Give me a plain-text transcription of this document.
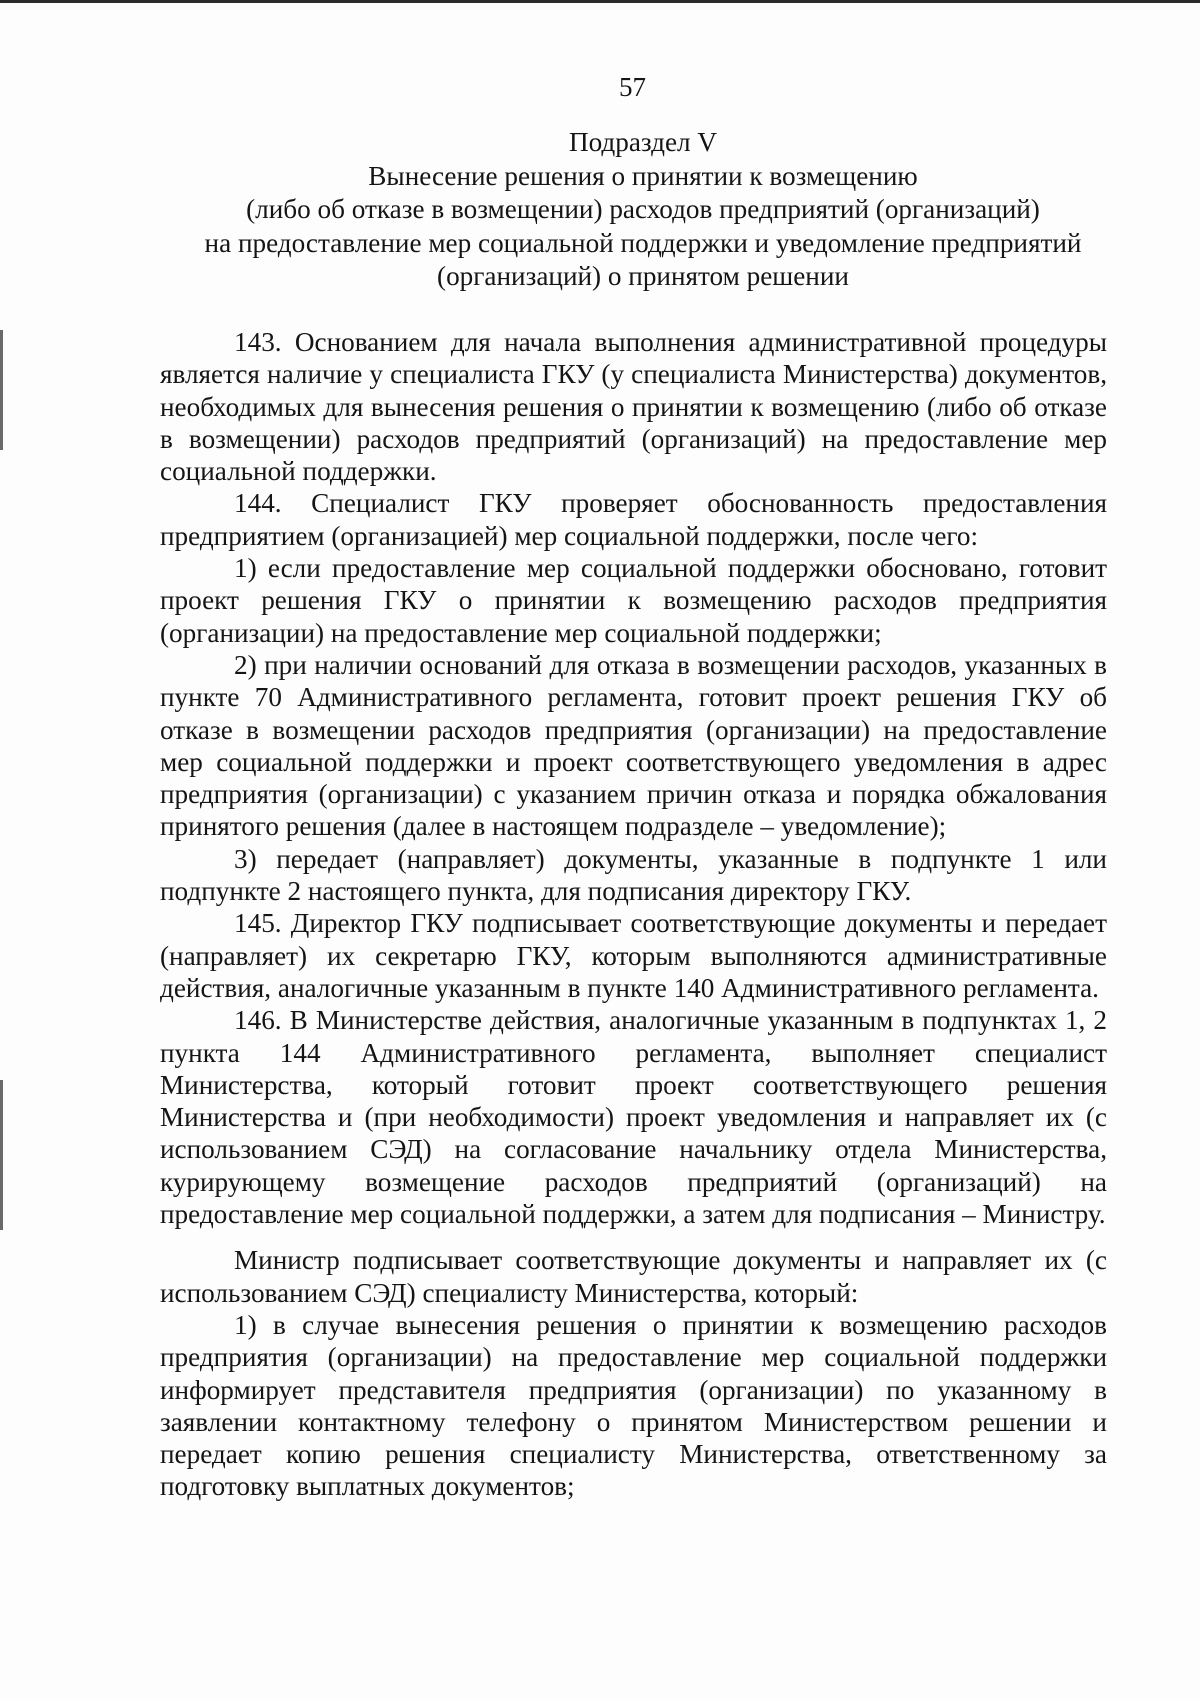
57
Подраздел V
Вынесение решения о принятии к возмещению
(либо об отказе в возмещении) расходов предприятий (организаций)
на предоставление мер социальной поддержки и уведомление предприятий
(организаций) о принятом решении

143. Основанием для начала выполнения административной процедуры является наличие у специалиста ГКУ (у специалиста Министерства) документов, необходимых для вынесения решения о принятии к возмещению (либо об отказе в возмещении) расходов предприятий (организаций) на предоставление мер социальной поддержки.

144. Специалист ГКУ проверяет обоснованность предоставления предприятием (организацией) мер социальной поддержки, после чего:

1) если предоставление мер социальной поддержки обосновано, готовит проект решения ГКУ о принятии к возмещению расходов предприятия (организации) на предоставление мер социальной поддержки;

2) при наличии оснований для отказа в возмещении расходов, указанных в пункте 70 Административного регламента, готовит проект решения ГКУ об отказе в возмещении расходов предприятия (организации) на предоставление мер социальной поддержки и проект соответствующего уведомления в адрес предприятия (организации) с указанием причин отказа и порядка обжалования принятого решения (далее в настоящем подразделе – уведомление);

3) передает (направляет) документы, указанные в подпункте 1 или подпункте 2 настоящего пункта, для подписания директору ГКУ.

145. Директор ГКУ подписывает соответствующие документы и передает (направляет) их секретарю ГКУ, которым выполняются административные действия, аналогичные указанным в пункте 140 Административного регламента.

146. В Министерстве действия, аналогичные указанным в подпунктах 1, 2 пункта 144 Административного регламента, выполняет специалист Министерства, который готовит проект соответствующего решения Министерства и (при необходимости) проект уведомления и направляет их (с использованием СЭД) на согласование начальнику отдела Министерства, курирующему возмещение расходов предприятий (организаций) на предоставление мер социальной поддержки, а затем для подписания – Министру.

Министр подписывает соответствующие документы и направляет их (с использованием СЭД) специалисту Министерства, который:

1) в случае вынесения решения о принятии к возмещению расходов предприятия (организации) на предоставление мер социальной поддержки информирует представителя предприятия (организации) по указанному в заявлении контактному телефону о принятом Министерством решении и передает копию решения специалисту Министерства, ответственному за подготовку выплатных документов;
